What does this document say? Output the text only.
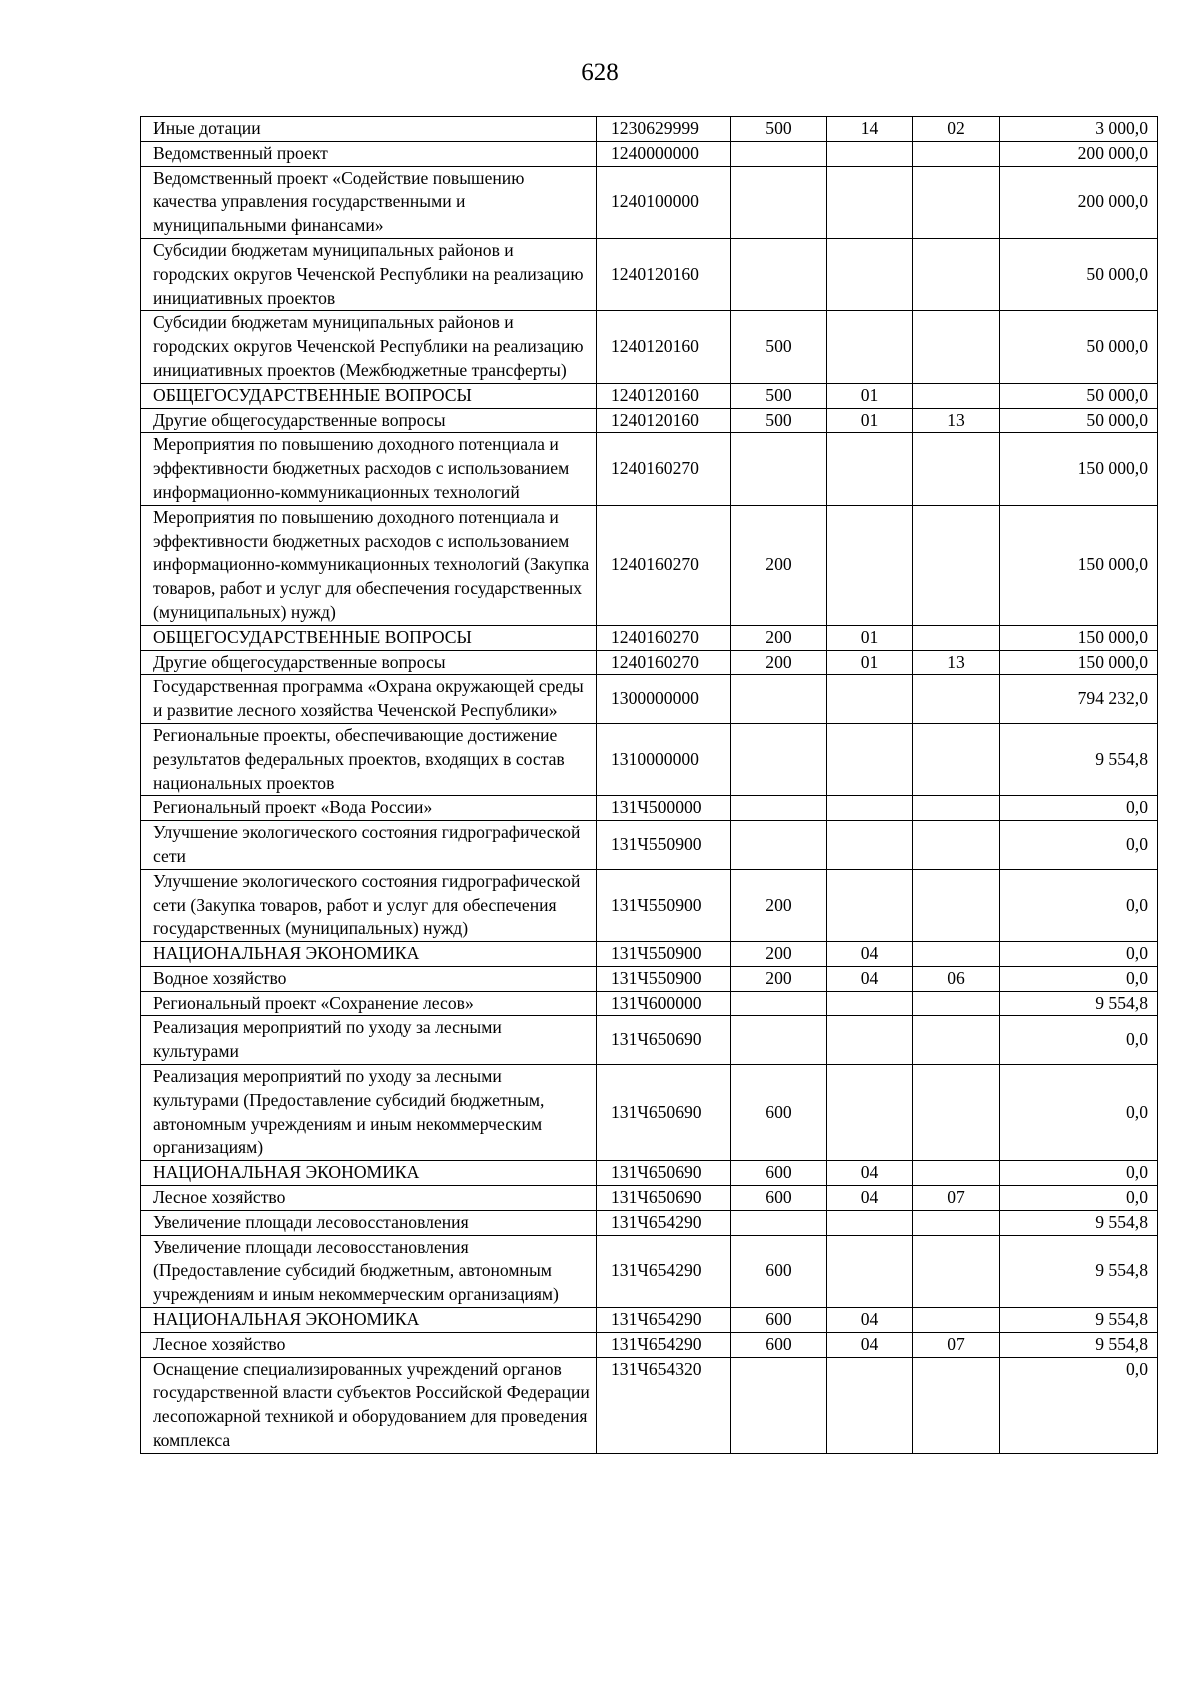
628
Иные дотации	1230629999	500	14	02	3 000,0
Ведомственный проект	1240000000				200 000,0
Ведомственный проект «Содействие повышению качества управления государственными и муниципальными финансами»	1240100000				200 000,0
Субсидии бюджетам муниципальных районов и городских округов Чеченской Республики на реализацию инициативных проектов	1240120160				50 000,0
Субсидии бюджетам муниципальных районов и городских округов Чеченской Республики на реализацию инициативных проектов (Межбюджетные трансферты)	1240120160	500			50 000,0
ОБЩЕГОСУДАРСТВЕННЫЕ ВОПРОСЫ	1240120160	500	01		50 000,0
Другие общегосударственные вопросы	1240120160	500	01	13	50 000,0
Мероприятия по повышению доходного потенциала и эффективности бюджетных расходов с использованием информационно-коммуникационных технологий	1240160270				150 000,0
Мероприятия по повышению доходного потенциала и эффективности бюджетных расходов с использованием информационно-коммуникационных технологий (Закупка товаров, работ и услуг для обеспечения государственных (муниципальных) нужд)	1240160270	200			150 000,0
ОБЩЕГОСУДАРСТВЕННЫЕ ВОПРОСЫ	1240160270	200	01		150 000,0
Другие общегосударственные вопросы	1240160270	200	01	13	150 000,0
Государственная программа «Охрана окружающей среды и развитие лесного хозяйства Чеченской Республики»	1300000000				794 232,0
Региональные проекты, обеспечивающие достижение результатов федеральных проектов, входящих в состав национальных проектов	1310000000				9 554,8
Региональный проект «Вода России»	131Ч500000				0,0
Улучшение экологического состояния гидрографической сети	131Ч550900				0,0
Улучшение экологического состояния гидрографической сети (Закупка товаров, работ и услуг для обеспечения государственных (муниципальных) нужд)	131Ч550900	200			0,0
НАЦИОНАЛЬНАЯ ЭКОНОМИКА	131Ч550900	200	04		0,0
Водное хозяйство	131Ч550900	200	04	06	0,0
Региональный проект «Сохранение лесов»	131Ч600000				9 554,8
Реализация мероприятий по уходу за лесными культурами	131Ч650690				0,0
Реализация мероприятий по уходу за лесными культурами (Предоставление субсидий бюджетным, автономным учреждениям и иным некоммерческим организациям)	131Ч650690	600			0,0
НАЦИОНАЛЬНАЯ ЭКОНОМИКА	131Ч650690	600	04		0,0
Лесное хозяйство	131Ч650690	600	04	07	0,0
Увеличение площади лесовосстановления	131Ч654290				9 554,8
Увеличение площади лесовосстановления (Предоставление субсидий бюджетным, автономным учреждениям и иным некоммерческим организациям)	131Ч654290	600			9 554,8
НАЦИОНАЛЬНАЯ ЭКОНОМИКА	131Ч654290	600	04		9 554,8
Лесное хозяйство	131Ч654290	600	04	07	9 554,8
Оснащение специализированных учреждений органов государственной власти субъектов Российской Федерации лесопожарной техникой и оборудованием для проведения комплекса	131Ч654320				0,0
